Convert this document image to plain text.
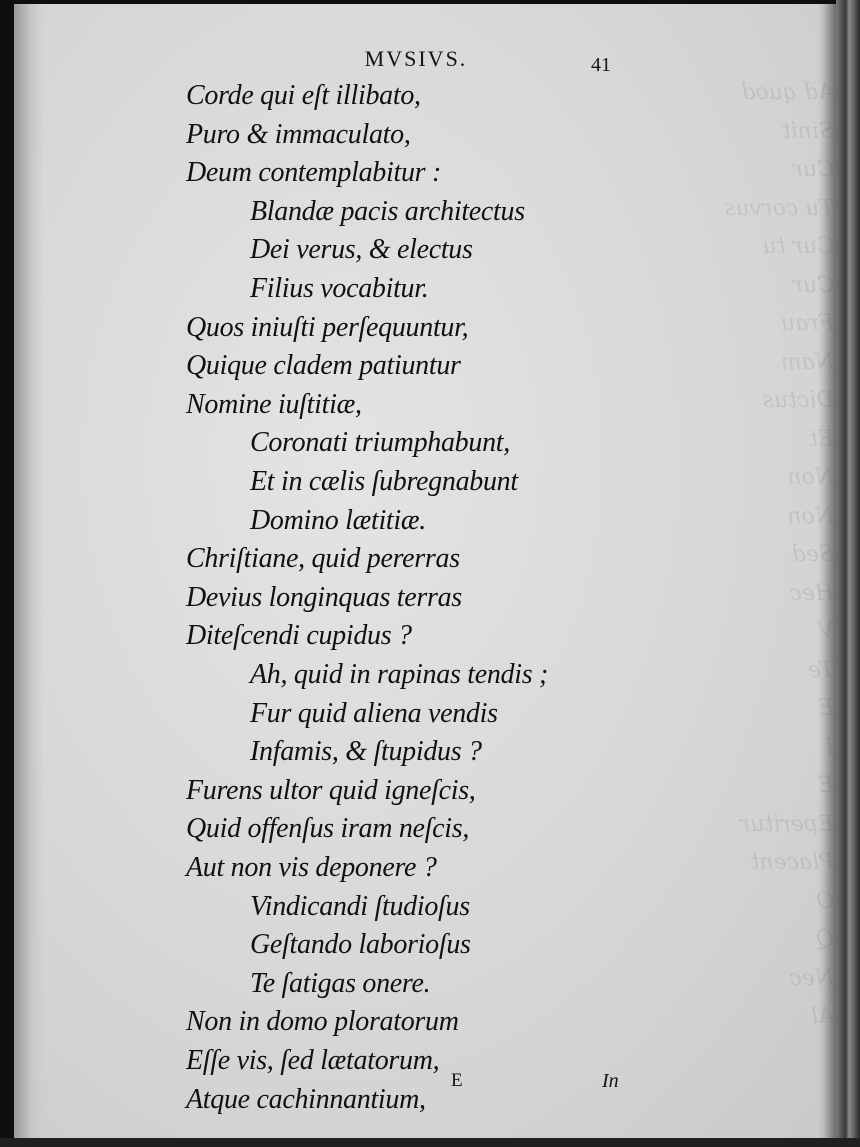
quod
Sinit
Cur
corvus
Cur tu
Cur
Frau
Nam
Dictus

Non
Non
Sed
Hec

Eperitur
Placent

Nec

MVSIVS.	41
Corde qui eſt illibato,
Puro & immaculato,
Deum contemplabitur :
Blandæ pacis architectus
Dei verus, & electus
Filius vocabitur.
Quos iniuſti perſequuntur,
Quique cladem patiuntur
Nomine iuſtitiæ,
Coronati triumphabunt,
Et in cælis ſubregnabunt
Domino lætitiæ.
Chriſtiane, quid pererras
Devius longinquas terras
Diteſcendi cupidus ?
Ah, quid in rapinas tendis ;
Fur quid aliena vendis
Infamis, & ſtupidus ?
Furens ultor quid igneſcis,
Quid offenſus iram neſcis,
Aut non vis deponere ?
Vindicandi ſtudioſus
Geſtando laborioſus
Te ſatigas onere.
Non in domo ploratorum
Eſſe vis, ſed lætatorum,
Atque cachinnantium,
E	In
